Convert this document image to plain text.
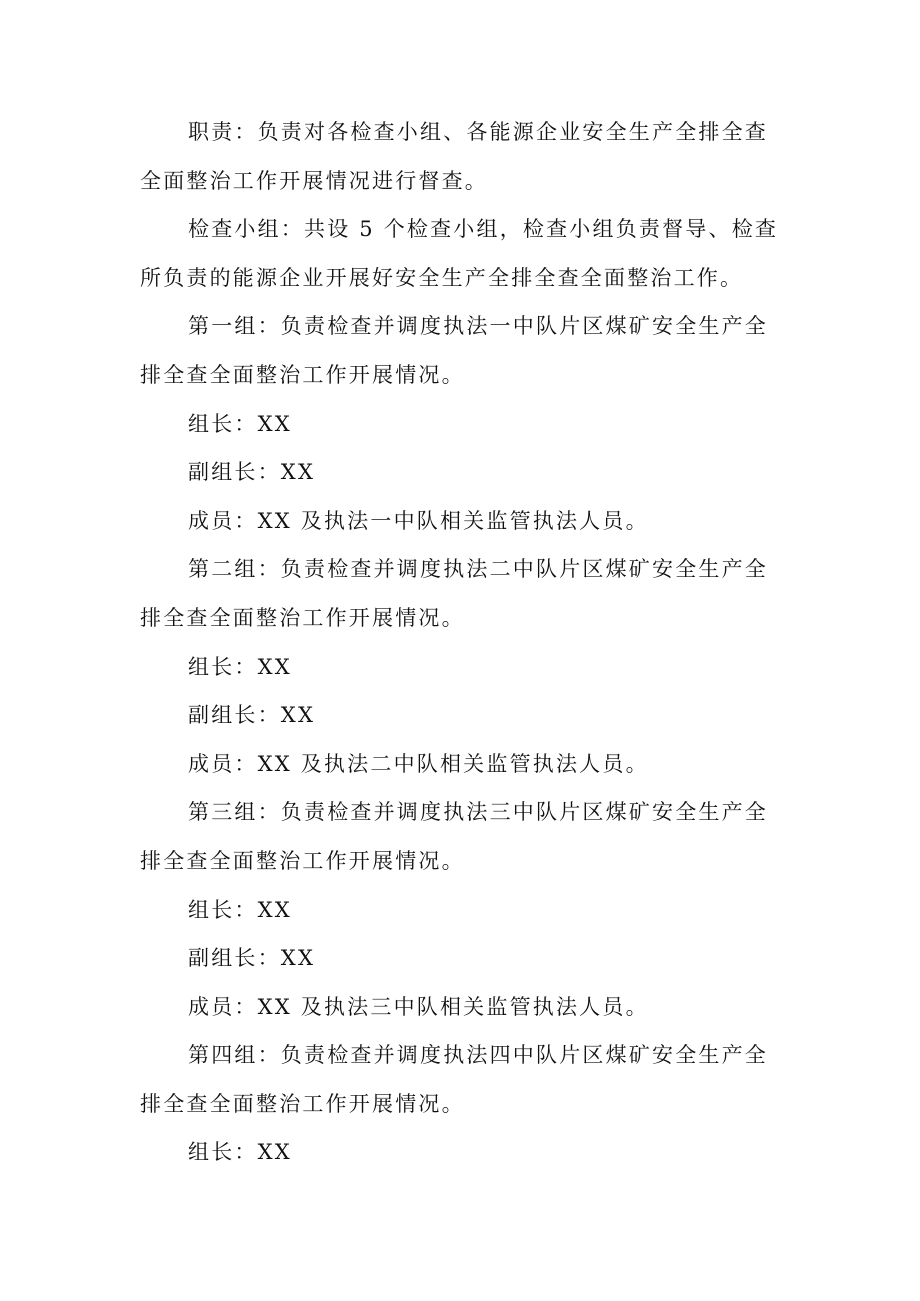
职责：负责对各检查小组、各能源企业安全生产全排全查全面整治工作开展情况进行督查。

检查小组：共设 5 个检查小组，检查小组负责督导、检查所负责的能源企业开展好安全生产全排全查全面整治工作。

第一组：负责检查并调度执法一中队片区煤矿安全生产全排全查全面整治工作开展情况。

组长：XX

副组长：XX

成员：XX 及执法一中队相关监管执法人员。

第二组：负责检查并调度执法二中队片区煤矿安全生产全排全查全面整治工作开展情况。

组长：XX

副组长：XX

成员：XX 及执法二中队相关监管执法人员。

第三组：负责检查并调度执法三中队片区煤矿安全生产全排全查全面整治工作开展情况。

组长：XX

副组长：XX

成员：XX 及执法三中队相关监管执法人员。

第四组：负责检查并调度执法四中队片区煤矿安全生产全排全查全面整治工作开展情况。

组长：XX
